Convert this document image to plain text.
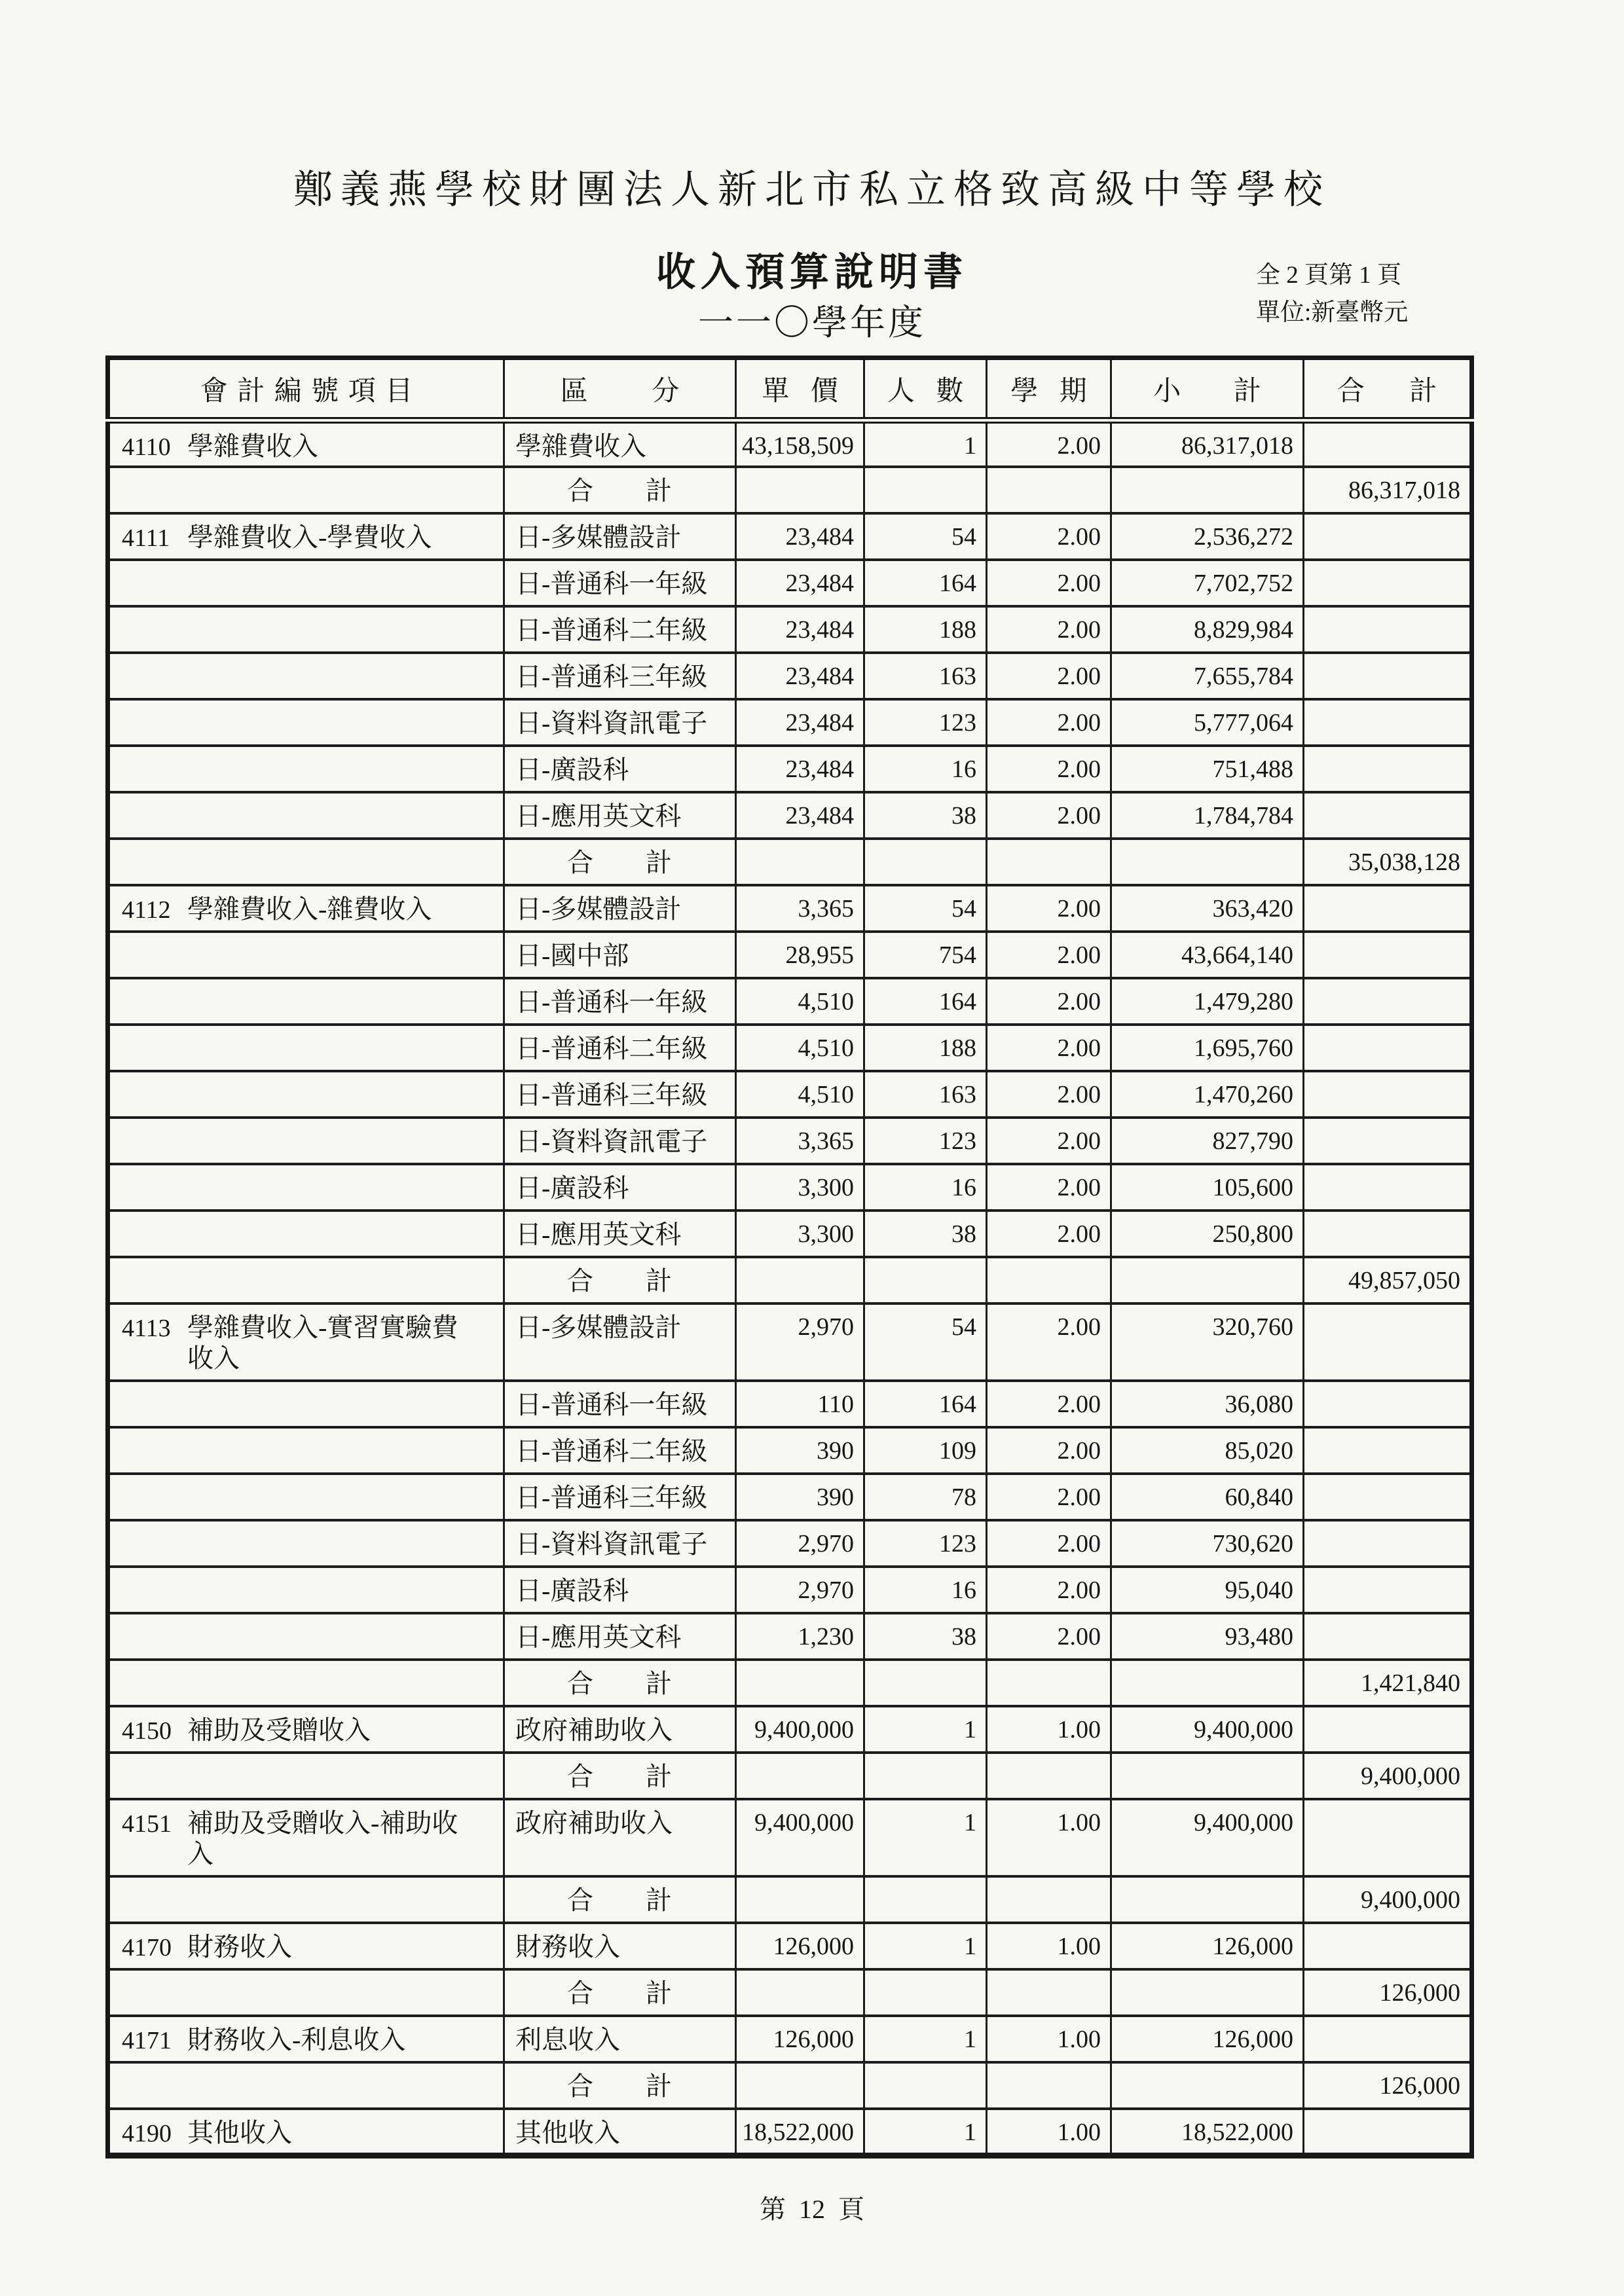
鄭義燕學校財團法人新北市私立格致高級中等學校
收入預算說明書
一一〇學年度
全 2 頁第 1 頁
單位:新臺幣元
會 計 編 號 項 目	區 分	單 價	人 數	學 期	小 計	合 計
4110 學雜費收入	學雜費收入	43,158,509	1	2.00	86,317,018	
	合 計					86,317,018
4111 學雜費收入-學費收入	日-多媒體設計	23,484	54	2.00	2,536,272	
	日-普通科一年級	23,484	164	2.00	7,702,752	
	日-普通科二年級	23,484	188	2.00	8,829,984	
	日-普通科三年級	23,484	163	2.00	7,655,784	
	日-資料資訊電子	23,484	123	2.00	5,777,064	
	日-廣設科	23,484	16	2.00	751,488	
	日-應用英文科	23,484	38	2.00	1,784,784	
	合 計					35,038,128
4112 學雜費收入-雜費收入	日-多媒體設計	3,365	54	2.00	363,420	
	日-國中部	28,955	754	2.00	43,664,140	
	日-普通科一年級	4,510	164	2.00	1,479,280	
	日-普通科二年級	4,510	188	2.00	1,695,760	
	日-普通科三年級	4,510	163	2.00	1,470,260	
	日-資料資訊電子	3,365	123	2.00	827,790	
	日-廣設科	3,300	16	2.00	105,600	
	日-應用英文科	3,300	38	2.00	250,800	
	合 計					49,857,050
4113 學雜費收入-實習實驗費收入	日-多媒體設計	2,970	54	2.00	320,760	
	日-普通科一年級	110	164	2.00	36,080	
	日-普通科二年級	390	109	2.00	85,020	
	日-普通科三年級	390	78	2.00	60,840	
	日-資料資訊電子	2,970	123	2.00	730,620	
	日-廣設科	2,970	16	2.00	95,040	
	日-應用英文科	1,230	38	2.00	93,480	
	合 計					1,421,840
4150 補助及受贈收入	政府補助收入	9,400,000	1	1.00	9,400,000	
	合 計					9,400,000
4151 補助及受贈收入-補助收入	政府補助收入	9,400,000	1	1.00	9,400,000	
	合 計					9,400,000
4170 財務收入	財務收入	126,000	1	1.00	126,000	
	合 計					126,000
4171 財務收入-利息收入	利息收入	126,000	1	1.00	126,000	
	合 計					126,000
4190 其他收入	其他收入	18,522,000	1	1.00	18,522,000	
第 12 頁
